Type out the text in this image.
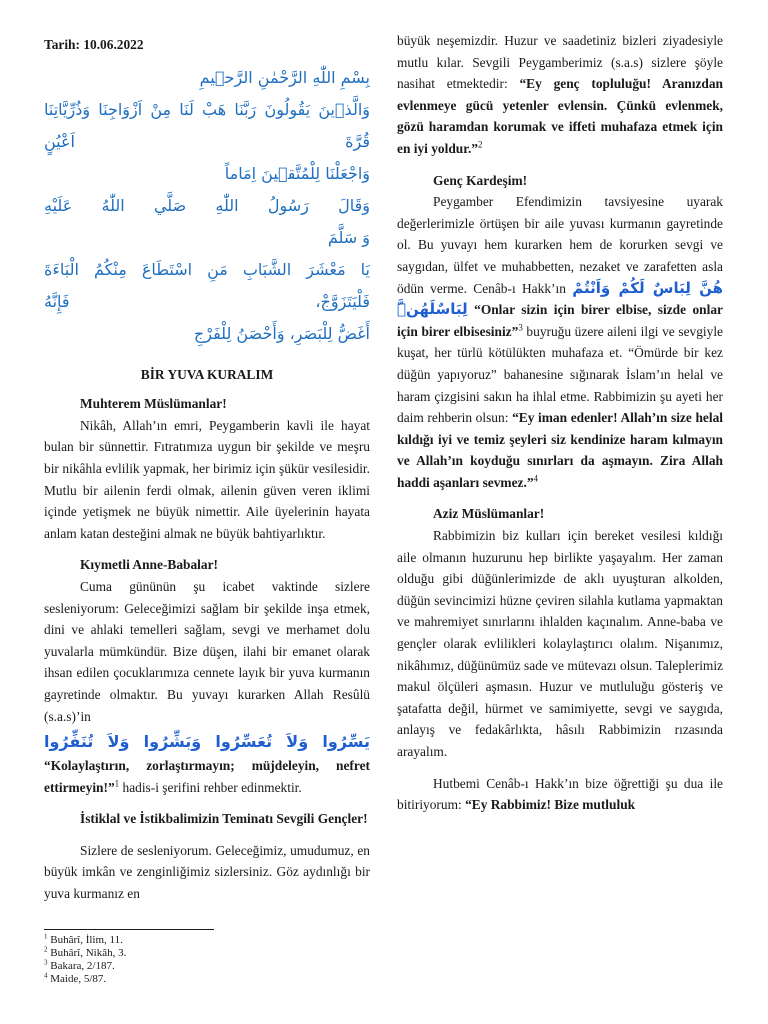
Tarih: 10.06.2022

بِسْمِ اللّٰهِ الرَّحْمٰنِ الرَّح۪يمِ

وَالَّذ۪ينَ يَقُولُونَ رَبَّنَا هَبْ لَنَا مِنْ اَزْوَاجِنَا وَذُرِّيَّاتِنَا قُرَّةَ اَعْيُنٍ

وَاجْعَلْنَا لِلْمُتَّق۪ينَ اِمَاماً

وَقَالَ رَسُولُ اللّٰهِ صَلَّي اللّٰهُ عَلَيْهِ

وَ سَلَّمَ

يَا مَعْشَرَ الشَّبَابِ مَنِ اسْتَطَاعَ مِنْكُمُ الْبَاءَةَ فَلْيَتَزَوَّجْ، فَإِنَّهُ

أَغَضُّ لِلْبَصَرِ، وَأَحْصَنُ لِلْفَرْجِ

BİR YUVA KURALIM

Muhterem Müslümanlar!

Nikâh, Allah’ın emri, Peygamberin kavli ile hayat bulan bir sünnettir. Fıtratımıza uygun bir şekilde ve meşru bir nikâhla evlilik yapmak, her birimiz için şükür vesilesidir. Mutlu bir ailenin ferdi olmak, ailenin güven veren iklimi içinde yetişmek ne büyük nimettir. Aile üyelerinin hayata anlam katan desteğini almak ne büyük bahtiyarlıktır.

Kıymetli Anne-Babalar!

Cuma gününün şu icabet vaktinde sizlere sesleniyorum: Geleceğimizi sağlam bir şekilde inşa etmek, dini ve ahlaki temelleri sağlam, sevgi ve merhamet dolu yuvalarla mümkündür. Bize düşen, ilahi bir emanet olarak ihsan edilen çocuklarımıza cennete layık bir yuva kurmanın gayretinde olmaktır. Bu yuvayı kurarken Allah Resûlü (s.a.s)’in

يَسِّرُوا وَلاَ تُعَسِّرُوا وَبَشِّرُوا وَلاَ تُنَفِّرُوا

“Kolaylaştırın, zorlaştırmayın; müjdeleyin, nefret ettirmeyin!”$^1$ hadis-i şerifini rehber edinmektir.

İstiklal ve İstikbalimizin Teminatı Sevgili Gençler!

Sizlere de sesleniyorum. Geleceğimiz, umudumuz, en büyük imkân ve zenginliğimiz sizlersiniz. Göz aydınlığı bir yuva kurmanız en

büyük neşemizdir. Huzur ve saadetiniz bizleri ziyadesiyle mutlu kılar. Sevgili Peygamberimiz (s.a.s) sizlere şöyle nasihat etmektedir: “Ey genç topluluğu! Aranızdan evlenmeye gücü yetenler evlensin. Çünkü evlenmek, gözü haramdan korumak ve iffeti muhafaza etmek için en iyi yoldur.”$^2$

Genç Kardeşim!

Peygamber Efendimizin tavsiyesine uyarak değerlerimizle örtüşen bir aile yuvası kurmanın gayretinde ol. Bu yuvayı hem kurarken hem de korurken sevgi ve saygıdan, ülfet ve muhabbetten, nezaket ve zarafetten asla ödün verme. Cenâb-ı Hakk’ın هُنَّ لِبَاسٌ لَكُمْ وَاَنْتُمْ لِبَاسٌلَهُنَّۜ “Onlar sizin için birer elbise, sizde onlar için birer elbisesiniz”$^3$ buyruğu üzere aileni ilgi ve sevgiyle kuşat, her türlü kötülükten muhafaza et. “Ömürde bir kez düğün yapıyoruz” bahanesine sığınarak İslam’ın helal ve haram çizgisini sakın ha ihlal etme. Rabbimizin şu ayeti her daim rehberin olsun: “Ey iman edenler! Allah’ın size helal kıldığı iyi ve temiz şeyleri siz kendinize haram kılmayın ve Allah’ın koyduğu sınırları da aşmayın. Zira Allah haddi aşanları sevmez.”$^4$

Aziz Müslümanlar!

Rabbimizin biz kulları için bereket vesilesi kıldığı aile olmanın huzurunu hep birlikte yaşayalım. Her zaman olduğu gibi düğünlerimizde de aklı uyuşturan alkolden, düğün sevincimizi hüzne çeviren silahla kutlama yapmaktan ve mahremiyet sınırlarını ihlalden kaçınalım. Anne-baba ve gençler olarak evlilikleri kolaylaştırıcı olalım. Nişanımız, nikâhımız, düğünümüz sade ve mütevazı olsun. Taleplerimiz makul ölçüleri aşmasın. Huzur ve mutluluğu gösteriş ve şatafatta değil, hürmet ve samimiyette, sevgi ve saygıda, anlayış ve fedakârlıkta, hâsılı Rabbimizin rızasında arayalım.

Hutbemi Cenâb-ı Hakk’ın bize öğrettiği şu dua ile bitiriyorum: “Ey Rabbimiz! Bize mutluluk

$^1$ Buhârî, İlim, 11.
$^2$ Buhârî, Nikâh, 3.
$^3$ Bakara, 2/187.
$^4$ Maide, 5/87.
